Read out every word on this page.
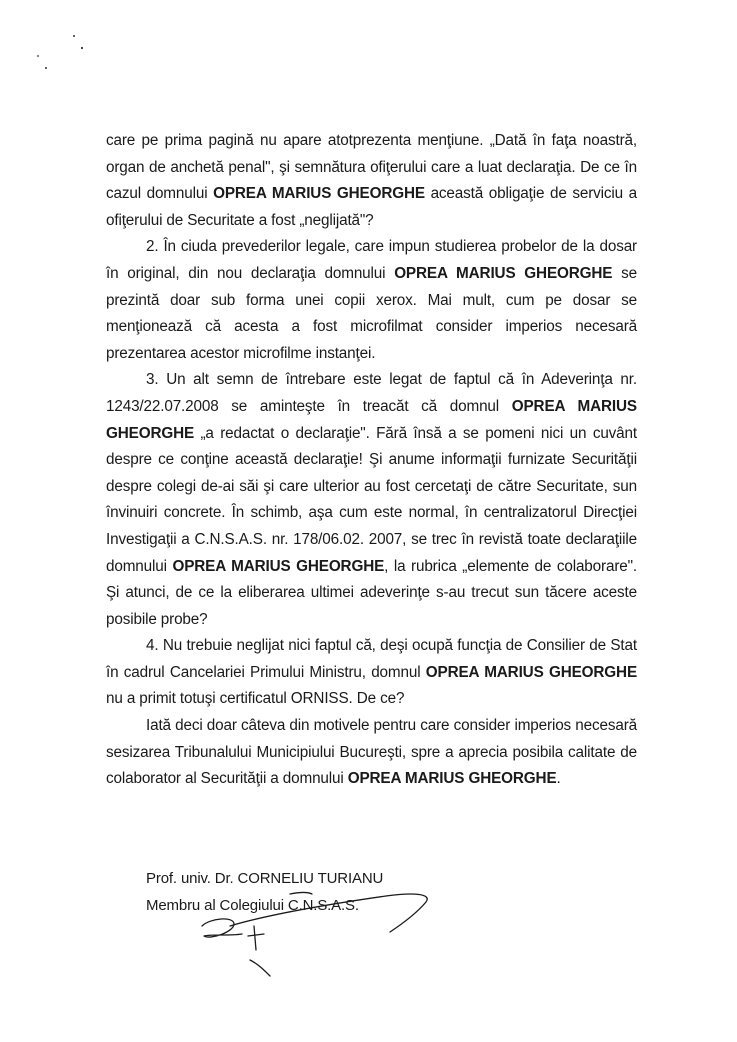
care pe prima pagină nu apare atotprezenta menţiune. „Dată în faţa noastră, organ de anchetă penal", şi semnătura ofiţerului care a luat declaraţia. De ce în cazul domnului OPREA MARIUS GHEORGHE această obligaţie de serviciu a ofiţerului de Securitate a fost „neglijată"?

2. În ciuda prevederilor legale, care impun studierea probelor de la dosar în original, din nou declaraţia domnului OPREA MARIUS GHEORGHE se prezintă doar sub forma unei copii xerox. Mai mult, cum pe dosar se menţionează că acesta a fost microfilmat consider imperios necesară prezentarea acestor microfilme instanţei.

3. Un alt semn de întrebare este legat de faptul că în Adeverinţa nr. 1243/22.07.2008 se aminteşte în treacăt că domnul OPREA MARIUS GHEORGHE „a redactat o declaraţie". Fără însă a se pomeni nici un cuvânt despre ce conţine această declaraţie! Şi anume informaţii furnizate Securităţii despre colegi de-ai săi şi care ulterior au fost cercetaţi de către Securitate, sun învinuiri concrete. În schimb, aşa cum este normal, în centralizatorul Direcţiei Investigaţii a C.N.S.A.S. nr. 178/06.02. 2007, se trec în revistă toate declaraţiile domnului OPREA MARIUS GHEORGHE, la rubrica „elemente de colaborare". Şi atunci, de ce la eliberarea ultimei adeverinţe s-au trecut sun tăcere aceste posibile probe?

4. Nu trebuie neglijat nici faptul că, deşi ocupă funcţia de Consilier de Stat în cadrul Cancelariei Primului Ministru, domnul OPREA MARIUS GHEORGHE nu a primit totuşi certificatul ORNISS. De ce?

Iată deci doar câteva din motivele pentru care consider imperios necesară sesizarea Tribunalului Municipiului Bucureşti, spre a aprecia posibila calitate de colaborator al Securităţii a domnului OPREA MARIUS GHEORGHE.

Prof. univ. Dr. CORNELIU TURIANU
Membru al Colegiului C.N.S.A.S.
